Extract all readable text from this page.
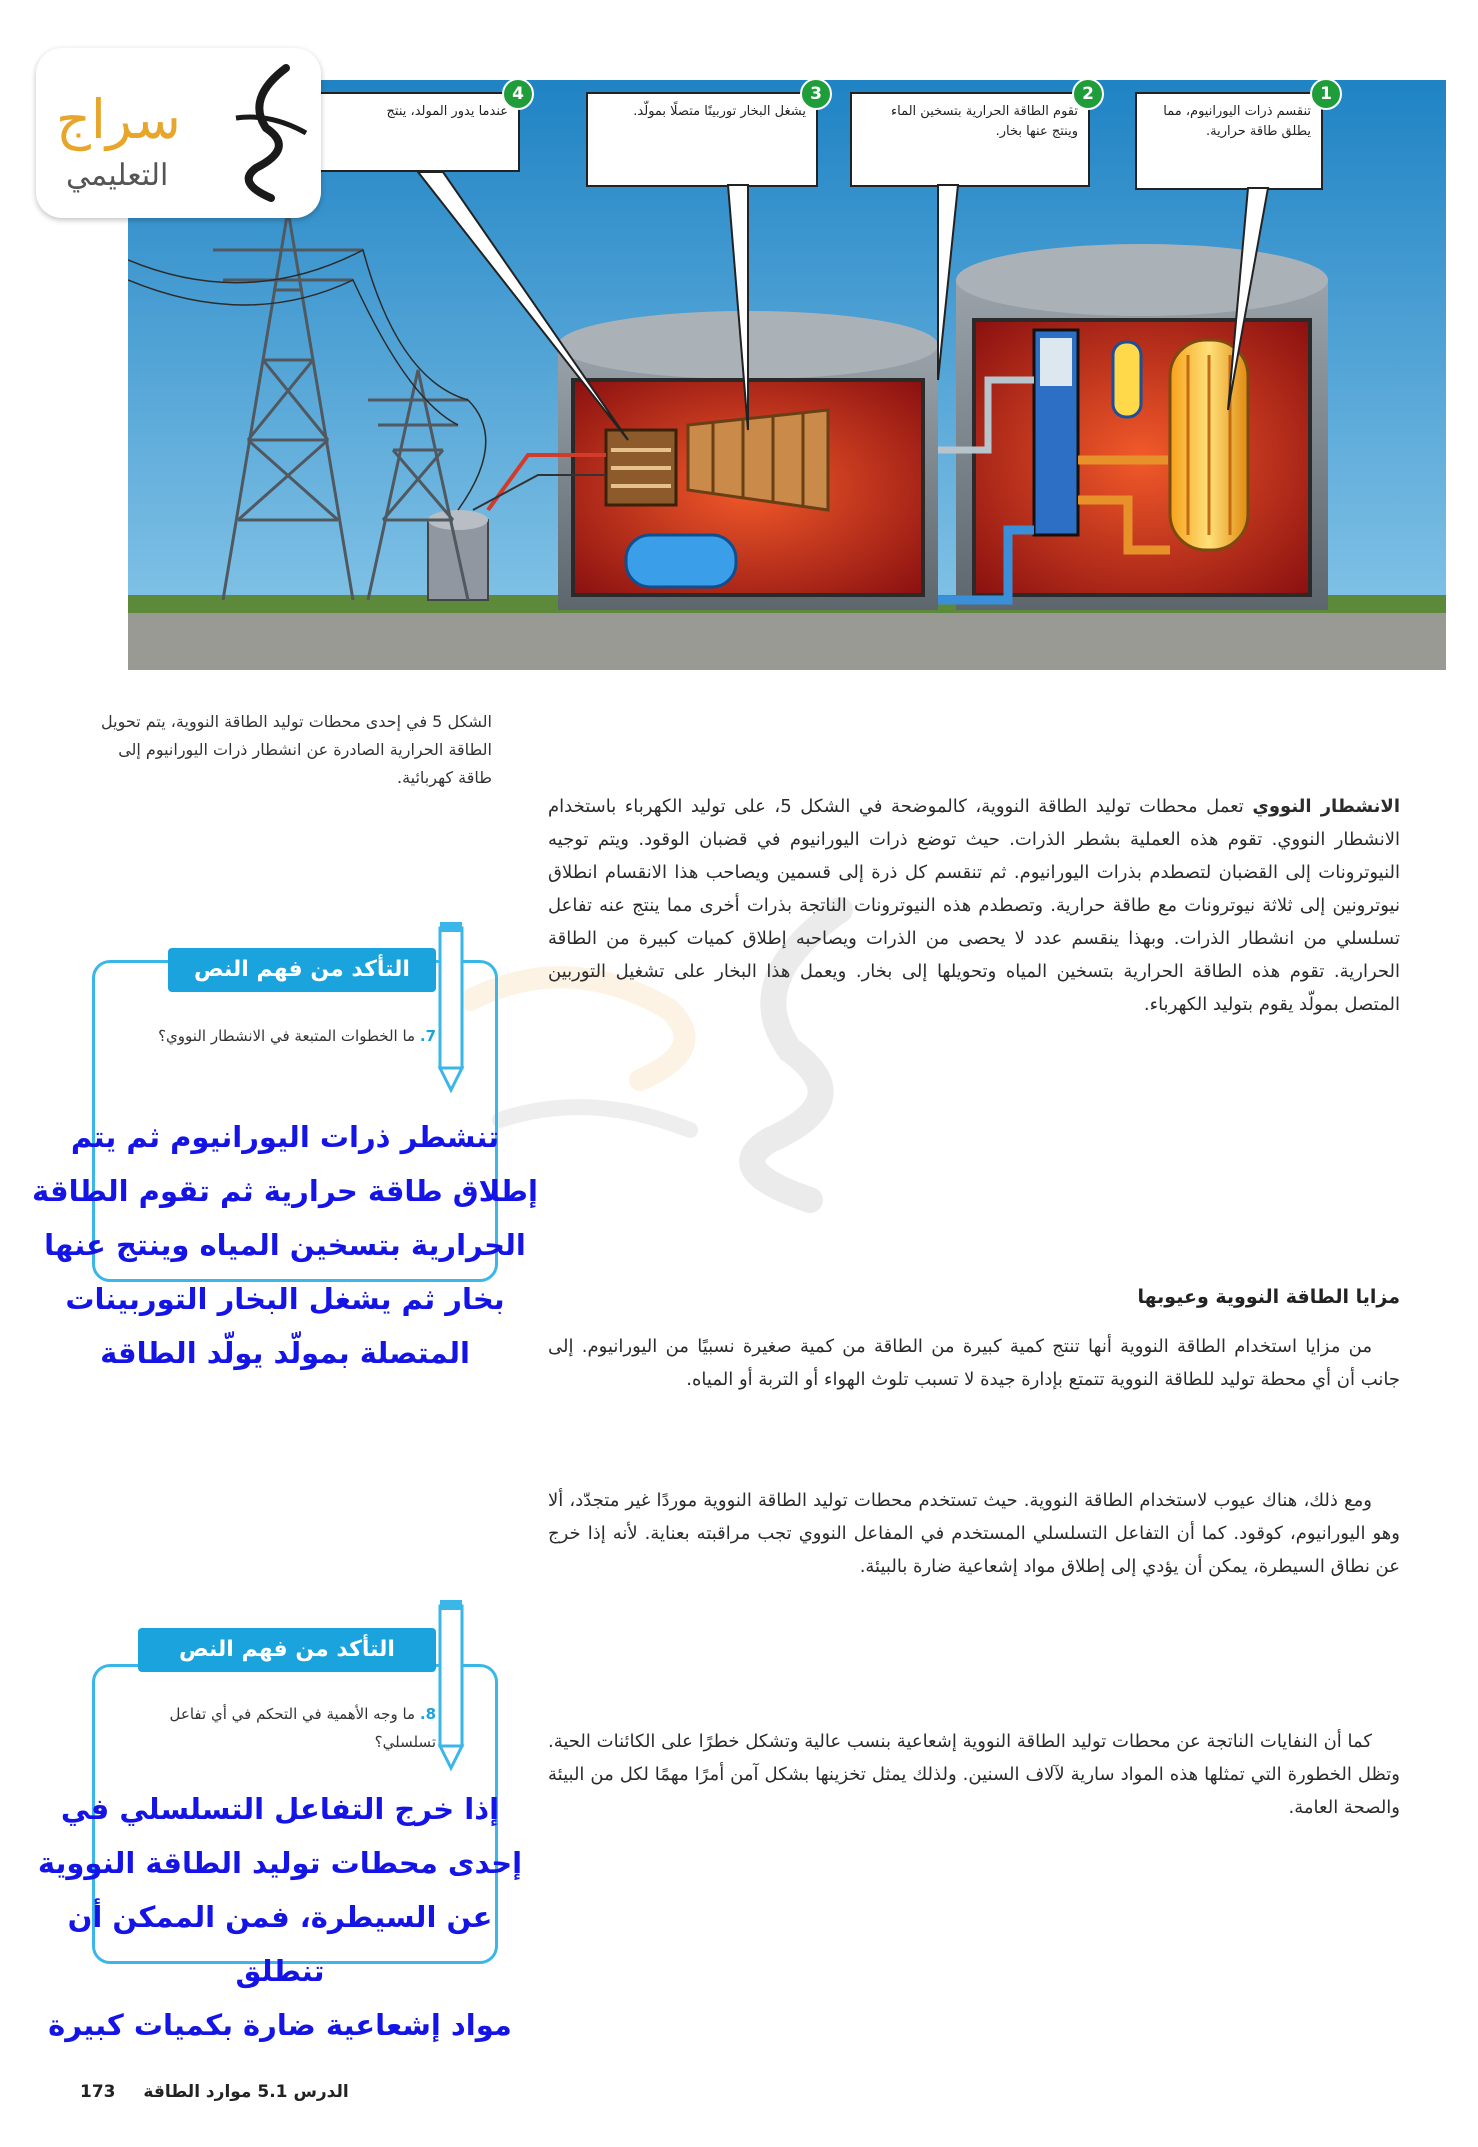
تنقسم ذرات اليورانيوم، مما يطلق طاقة حرارية.
1
تقوم الطاقة الحرارية بتسخين الماء وينتج عنها بخار.
2
يشغل البخار توربينًا متصلًا بمولّد.
3
عندما يدور المولد، ينتج
4
سراج
التعليمي
الشكل 5 في إحدى محطات توليد الطاقة النووية، يتم تحويل الطاقة الحرارية الصادرة عن انشطار ذرات اليورانيوم إلى طاقة كهربائية.
الانشطار النووي تعمل محطات توليد الطاقة النووية، كالموضحة في الشكل 5، على توليد الكهرباء باستخدام الانشطار النووي. تقوم هذه العملية بشطر الذرات. حيث توضع ذرات اليورانيوم في قضبان الوقود. ويتم توجيه النيوترونات إلى القضبان لتصطدم بذرات اليورانيوم. ثم تنقسم كل ذرة إلى قسمين ويصاحب هذا الانقسام انطلاق نيوترونين إلى ثلاثة نيوترونات مع طاقة حرارية. وتصطدم هذه النيوترونات الناتجة بذرات أخرى مما ينتج عنه تفاعل تسلسلي من انشطار الذرات. وبهذا ينقسم عدد لا يحصى من الذرات ويصاحبه إطلاق كميات كبيرة من الطاقة الحرارية. تقوم هذه الطاقة الحرارية بتسخين المياه وتحويلها إلى بخار. ويعمل هذا البخار على تشغيل التوربين المتصل بمولّد يقوم بتوليد الكهرباء.
مزايا الطاقة النووية وعيوبها
من مزايا استخدام الطاقة النووية أنها تنتج كمية كبيرة من الطاقة من كمية صغيرة نسبيًا من اليورانيوم. إلى جانب أن أي محطة توليد للطاقة النووية تتمتع بإدارة جيدة لا تسبب تلوث الهواء أو التربة أو المياه.
ومع ذلك، هناك عيوب لاستخدام الطاقة النووية. حيث تستخدم محطات توليد الطاقة النووية موردًا غير متجدّد، ألا وهو اليورانيوم، كوقود. كما أن التفاعل التسلسلي المستخدم في المفاعل النووي تجب مراقبته بعناية. لأنه إذا خرج عن نطاق السيطرة، يمكن أن يؤدي إلى إطلاق مواد إشعاعية ضارة بالبيئة.
كما أن النفايات الناتجة عن محطات توليد الطاقة النووية إشعاعية بنسب عالية وتشكل خطرًا على الكائنات الحية. وتظل الخطورة التي تمثلها هذه المواد سارية لآلاف السنين. ولذلك يمثل تخزينها بشكل آمن أمرًا مهمًا لكل من البيئة والصحة العامة.
التأكد من فهم النص
7. ما الخطوات المتبعة في الانشطار النووي؟
تنشطر ذرات اليورانيوم ثم يتم
إطلاق طاقة حرارية ثم تقوم الطاقة
الحرارية بتسخين المياه وينتج عنها
بخار ثم يشغل البخار التوربينات
المتصلة بمولّد يولّد الطاقة
التأكد من فهم النص
8. ما وجه الأهمية في التحكم في أي تفاعل تسلسلي؟
إذا خرج التفاعل التسلسلي في
إحدى محطات توليد الطاقة النووية
عن السيطرة، فمن الممكن أن تنطلق
مواد إشعاعية ضارة بكميات كبيرة
الدرس 5.1 موارد الطاقة 173
